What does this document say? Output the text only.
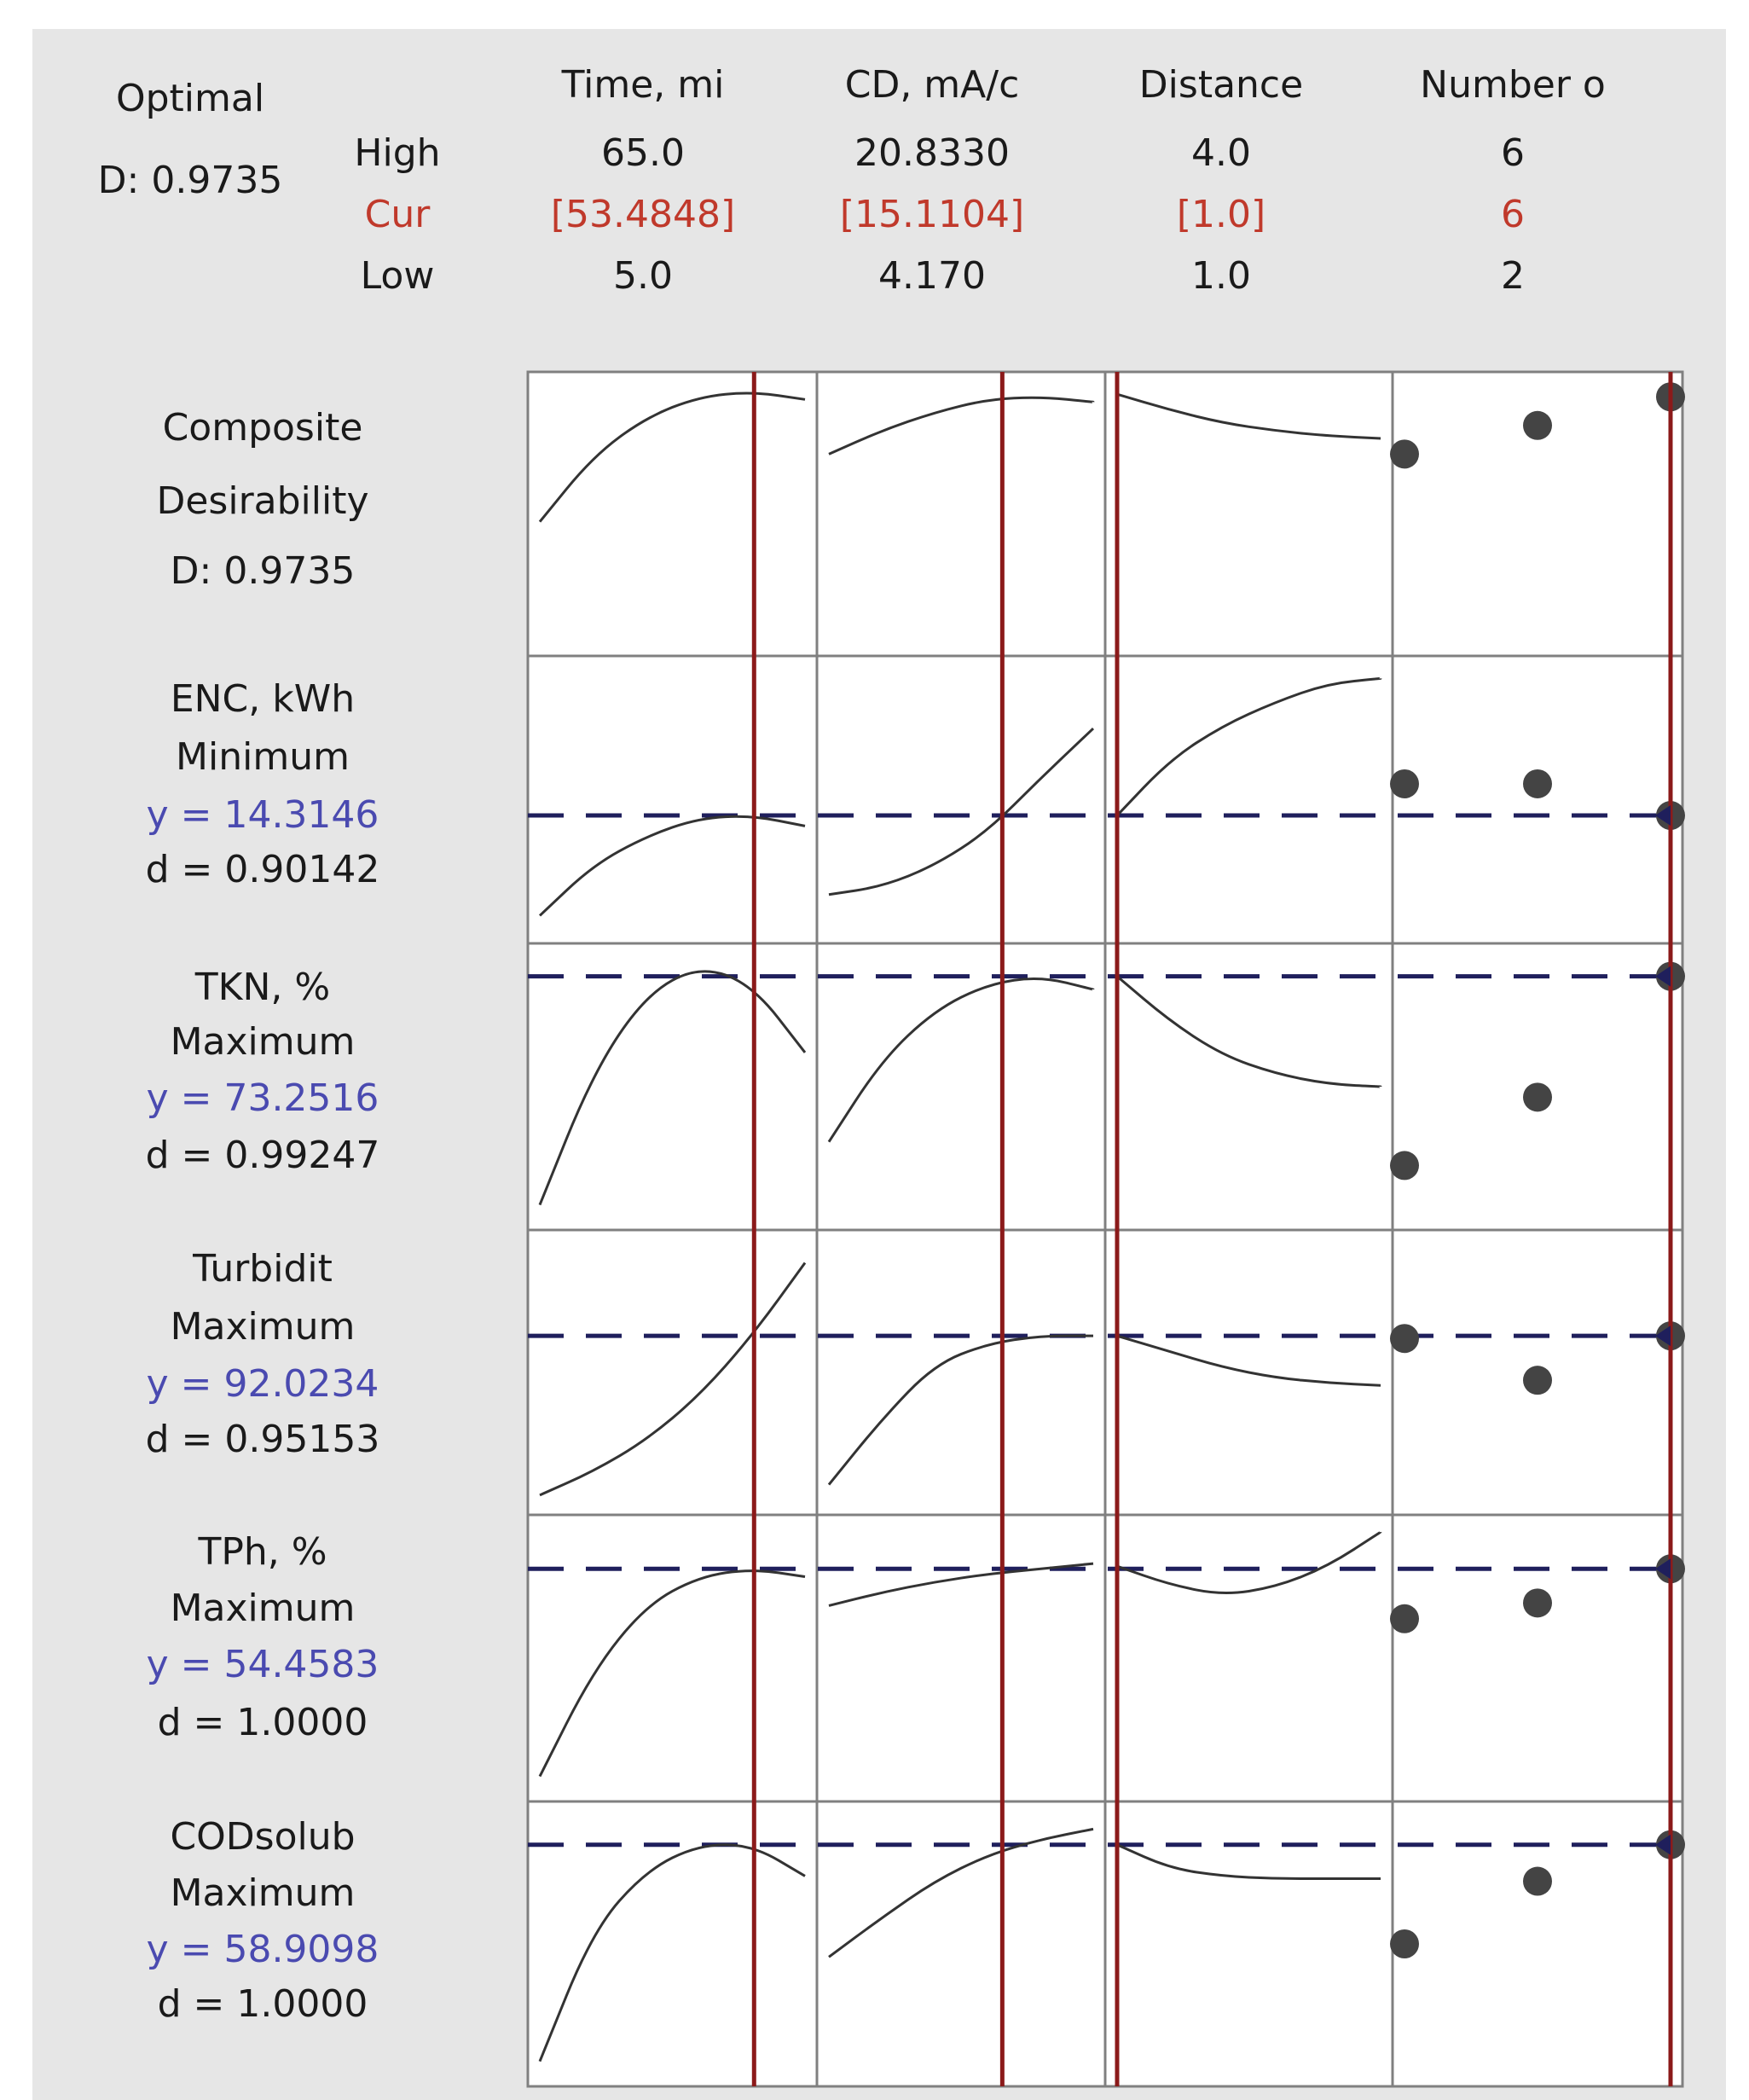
Optimal
D: 0.9735
High
Cur
Low
Time, mi
65.0
[53.4848]
5.0
CD, mA/c
20.8330
[15.1104]
4.170
Distance
4.0
[1.0]
1.0
Number o
6
6
2
Composite
Desirability
D: 0.9735
ENC, kWh
Minimum
y = 14.3146
d = 0.90142
TKN, %
Maximum
y = 73.2516
d = 0.99247
Turbidit
Maximum
y = 92.0234
d = 0.95153
TPh, %
Maximum
y = 54.4583
d = 1.0000
CODsolub
Maximum
y = 58.9098
d = 1.0000
